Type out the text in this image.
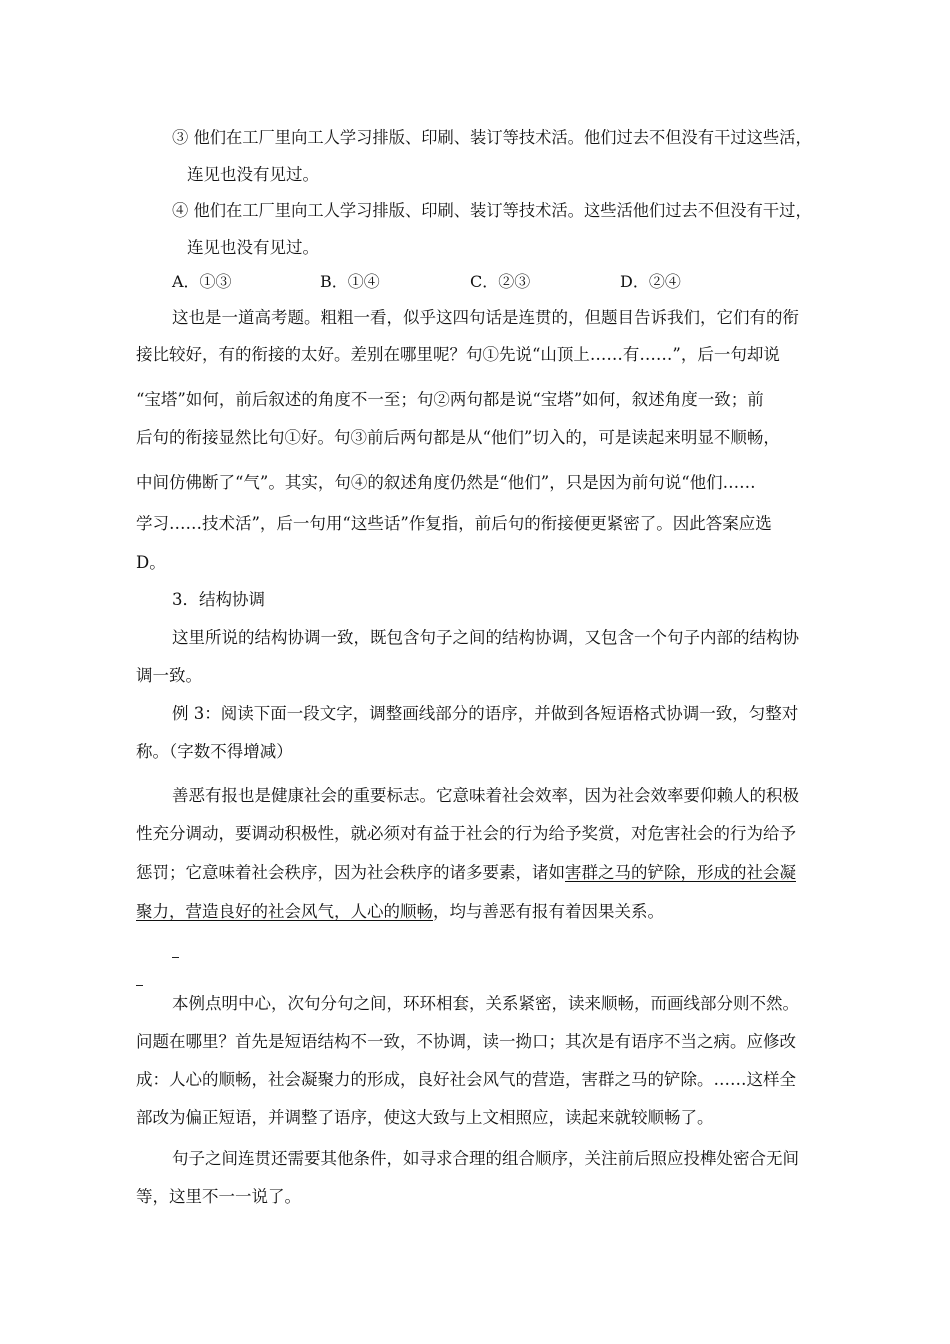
③ 他们在工厂里向工人学习排版、印刷、装订等技术活。他们过去不但没有干过这些活，
连见也没有见过。
④ 他们在工厂里向工人学习排版、印刷、装订等技术活。这些活他们过去不但没有干过，
连见也没有见过。
A．①③	B．①④	C．②③	D．②④
这也是一道高考题。粗粗一看，似乎这四句话是连贯的，但题目告诉我们，它们有的衔
接比较好，有的衔接的太好。差别在哪里呢？句①先说“山顶上……有……”，后一句却说
“宝塔”如何，前后叙述的角度不一至；句②两句都是说“宝塔”如何，叙述角度一致；前
后句的衔接显然比句①好。句③前后两句都是从“他们”切入的，可是读起来明显不顺畅，
中间仿佛断了“气”。其实，句④的叙述角度仍然是“他们”，只是因为前句说“他们……
学习……技术活”，后一句用“这些话”作复指，前后句的衔接便更紧密了。因此答案应选
D。
3．结构协调
这里所说的结构协调一致，既包含句子之间的结构协调，又包含一个句子内部的结构协
调一致。
例 3：阅读下面一段文字，调整画线部分的语序，并做到各短语格式协调一致，匀整对
称。（字数不得增减）
善恶有报也是健康社会的重要标志。它意味着社会效率，因为社会效率要仰赖人的积极
性充分调动，要调动积极性，就必须对有益于社会的行为给予奖赏，对危害社会的行为给予
惩罚；它意味着社会秩序，因为社会秩序的诸多要素，诸如害群之马的铲除，形成的社会凝
聚力，营造良好的社会风气，人心的顺畅，均与善恶有报有着因果关系。
本例点明中心，次句分句之间，环环相套，关系紧密，读来顺畅，而画线部分则不然。
问题在哪里？首先是短语结构不一致，不协调，读一拗口；其次是有语序不当之病。应修改
成：人心的顺畅，社会凝聚力的形成，良好社会风气的营造，害群之马的铲除。……这样全
部改为偏正短语，并调整了语序，使这大致与上文相照应，读起来就较顺畅了。
句子之间连贯还需要其他条件，如寻求合理的组合顺序，关注前后照应投榫处密合无间
等，这里不一一说了。
